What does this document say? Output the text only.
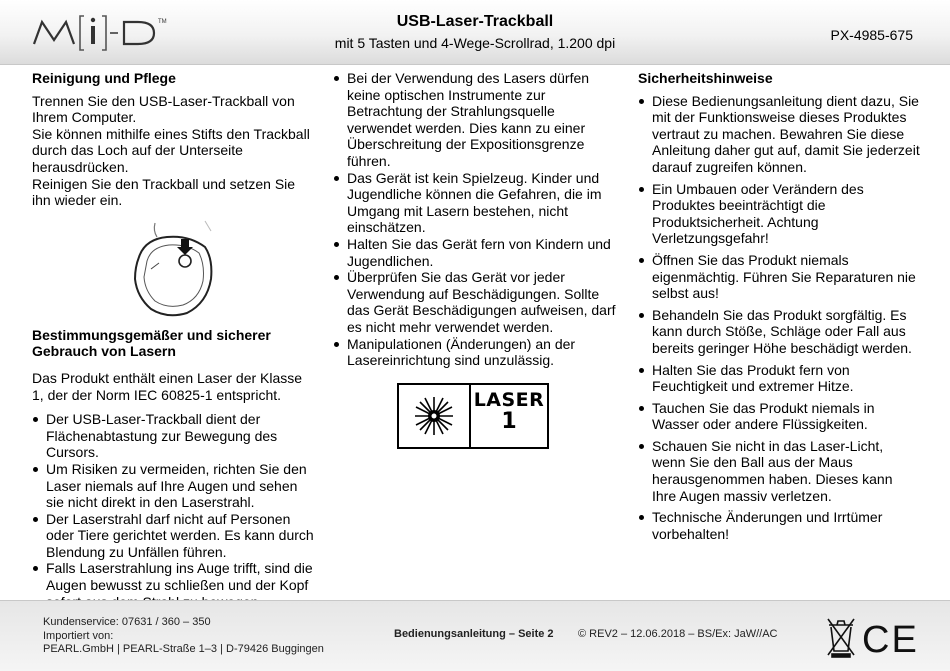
TM	USB-Laser-Trackball
mit 5 Tasten und 4-Wege-Scrollrad, 1.200 dpi	PX-4985-675
Reinigung und Pflege

Trennen Sie den USB-Laser-Trackball von Ihrem Computer.

Sie können mithilfe eines Stifts den Trackball durch das Loch auf der Unterseite herausdrücken.

Reinigen Sie den Trackball und setzen Sie ihn wieder ein.

Bestimmungsgemäßer und sicherer Gebrauch von Lasern

Das Produkt enthält einen Laser der Klasse 1, der der Norm IEC 60825-1 entspricht.

Der USB-Laser-Trackball dient der Flächenabtastung zur Bewegung des Cursors.
Um Risiken zu vermeiden, richten Sie den Laser niemals auf Ihre Augen und sehen sie nicht direkt in den Laserstrahl.
Der Laserstrahl darf nicht auf Personen oder Tiere gerichtet werden. Es kann durch Blendung zu Unfällen führen.
Falls Laserstrahlung ins Auge trifft, sind die Augen bewusst zu schließen und der Kopf
Bei der Verwendung des Lasers dürfen keine optischen Instrumente zur Betrachtung der Strahlungsquelle verwendet werden. Dies kann zu einer Überschreitung der Expositionsgrenze führen.
Das Gerät ist kein Spielzeug. Kinder und Jugendliche können die Gefahren, die im Umgang mit Lasern bestehen, nicht einschätzen.
Halten Sie das Gerät fern von Kindern und Jugendlichen.
Überprüfen Sie das Gerät vor jeder Verwendung auf Beschädigungen. Sollte das Gerät Beschädigungen aufweisen, darf es nicht mehr verwendet werden.
Manipulationen (Änderungen) an der Lasereinrichtung sind unzulässig.
LASER
1
Sicherheitshinweise
Diese Bedienungsanleitung dient dazu, Sie mit der Funktionsweise dieses Produktes vertraut zu machen. Bewahren Sie diese Anleitung daher gut auf, damit Sie jederzeit darauf zugreifen können.
Ein Umbauen oder Verändern des Produktes beeinträchtigt die Produktsicherheit. Achtung Verletzungsgefahr!
Öffnen Sie das Produkt niemals eigenmächtig. Führen Sie Reparaturen nie selbst aus!
Behandeln Sie das Produkt sorgfältig. Es kann durch Stöße, Schläge oder Fall aus bereits geringer Höhe beschädigt werden.
Halten Sie das Produkt fern von Feuchtigkeit und extremer Hitze.
Tauchen Sie das Produkt niemals in Wasser oder andere Flüssigkeiten.
Schauen Sie nicht in das Laser-Licht, wenn Sie den Ball aus der Maus herausgenommen haben. Dieses kann Ihre Augen massiv verletzen.
Technische Änderungen und Irrtümer vorbehalten!
Kundenservice: 07631 / 360 – 350
Importiert von:
PEARL.GmbH | PEARL-Straße 1–3 | D-79426 Buggingen
Bedienungsanleitung – Seite 2 © REV2 – 12.06.2018 – BS/Ex: JaW//AC CE
